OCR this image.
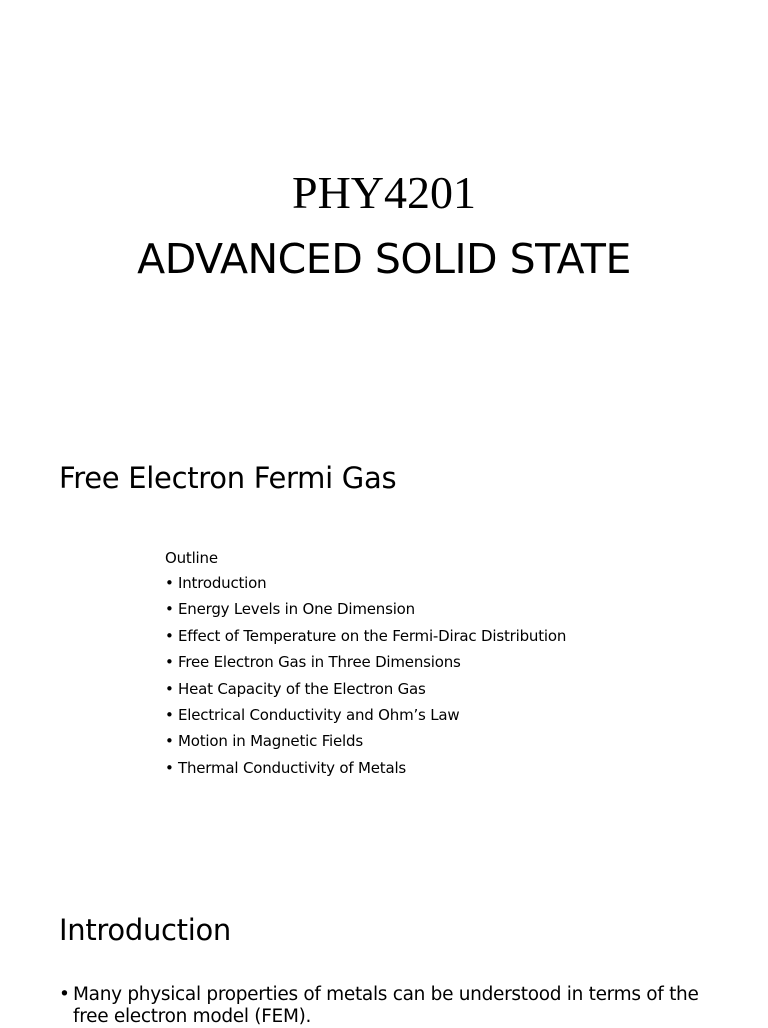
PHY4201
ADVANCED SOLID STATE
Free Electron Fermi Gas
Outline
• Introduction
• Energy Levels in One Dimension
• Effect of Temperature on the Fermi-Dirac Distribution
• Free Electron Gas in Three Dimensions
• Heat Capacity of the Electron Gas
• Electrical Conductivity and Ohm’s Law
• Motion in Magnetic Fields
• Thermal Conductivity of Metals
Introduction
• Many physical properties of metals can be understood in terms of the free electron model (FEM).
